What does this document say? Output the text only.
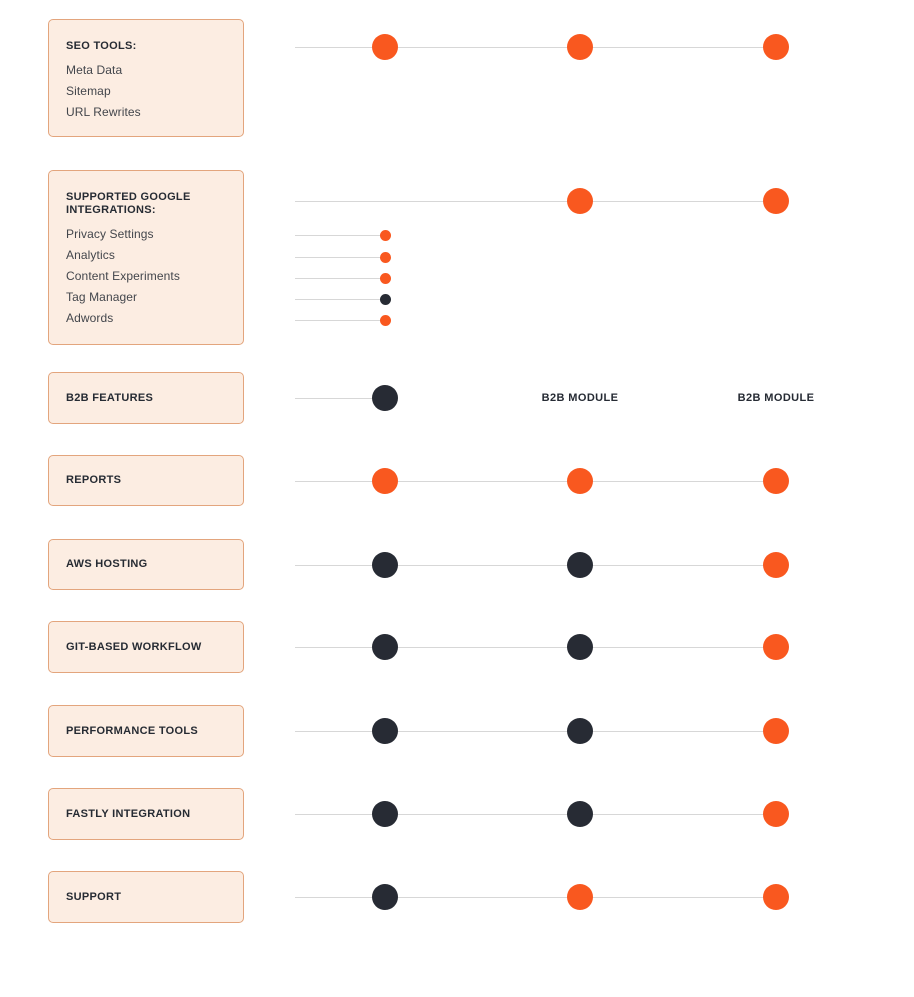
SEO TOOLS:
Meta Data
Sitemap
URL Rewrites
SUPPORTED GOOGLE INTEGRATIONS:
Privacy Settings
Analytics
Content Experiments
Tag Manager
Adwords
B2B FEATURES
REPORTS
AWS HOSTING
GIT-BASED WORKFLOW
PERFORMANCE TOOLS
FASTLY INTEGRATION
SUPPORT
B2B MODULE	B2B MODULE
